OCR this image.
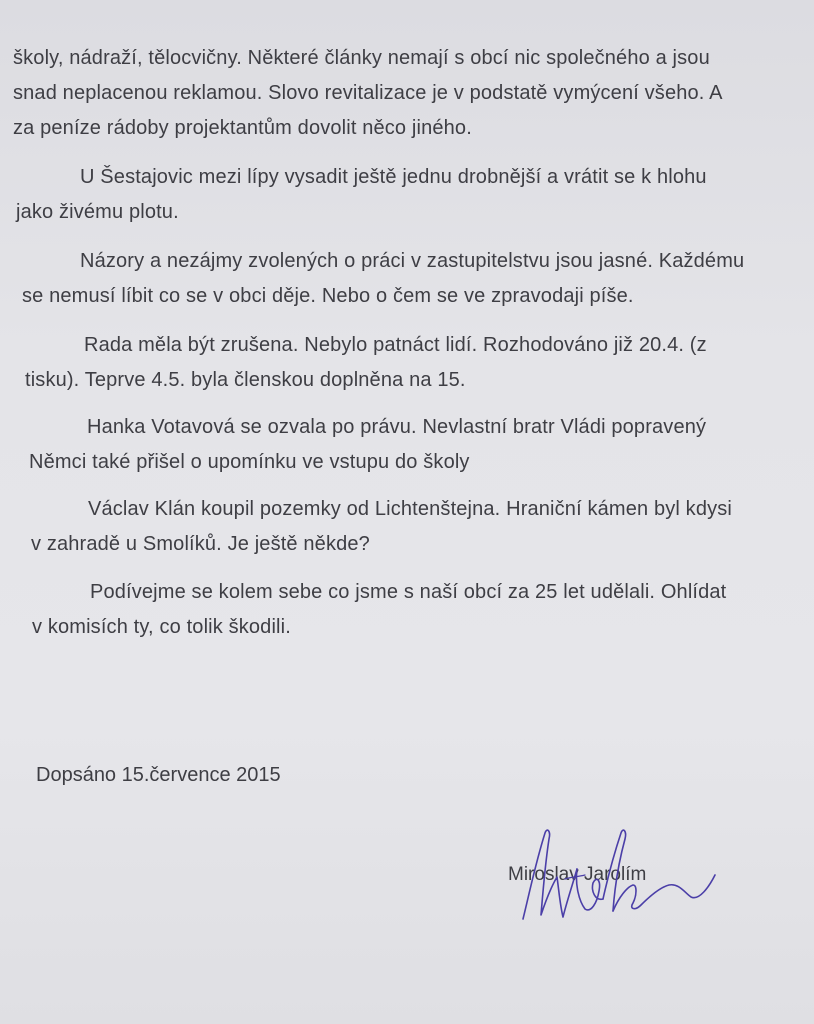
školy, nádraží, tělocvičny. Některé články nemají s obcí nic společného a jsou
snad neplacenou reklamou. Slovo revitalizace je v podstatě vymýcení všeho. A
za peníze rádoby projektantům dovolit něco jiného.
U Šestajovic mezi lípy vysadit ještě jednu drobnější a vrátit se k hlohu
jako živému plotu.
Názory a nezájmy zvolených o práci v zastupitelstvu jsou jasné. Každému
se nemusí líbit co se v obci děje. Nebo o čem se ve zpravodaji píše.
Rada měla být zrušena. Nebylo patnáct lidí. Rozhodováno již 20.4. (z
tisku). Teprve 4.5. byla členskou doplněna na 15.
Hanka Votavová se ozvala po právu. Nevlastní bratr Vládi popravený
Němci také přišel o upomínku ve vstupu do školy
Václav Klán koupil pozemky od Lichtenštejna. Hraniční kámen byl kdysi
v zahradě u Smolíků. Je ještě někde?
Podívejme se kolem sebe co jsme s naší obcí za 25 let udělali. Ohlídat
v komisích ty, co tolik škodili.
Dopsáno 15.července 2015
Miroslav Jarolím
